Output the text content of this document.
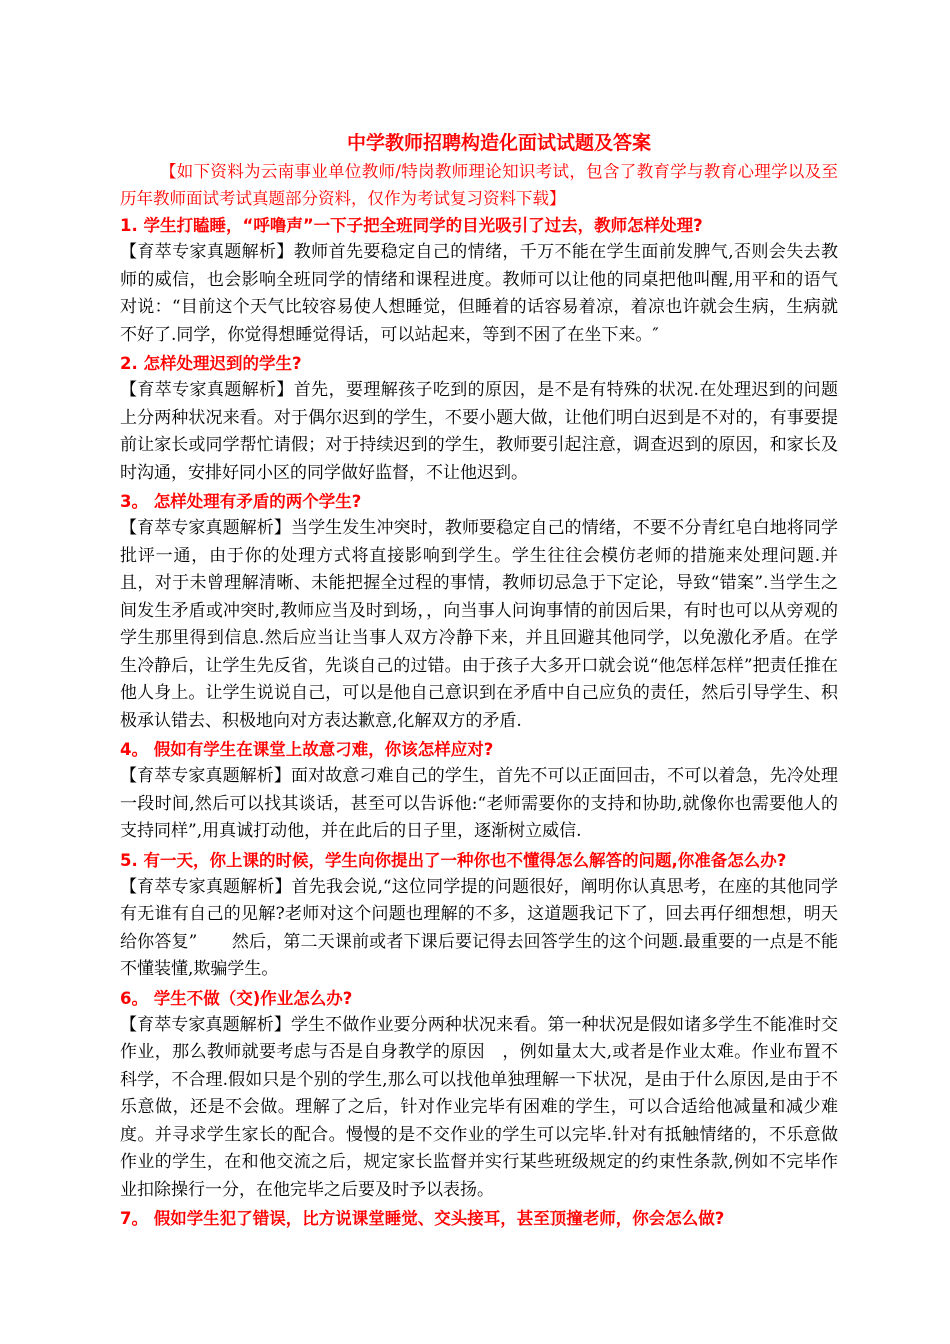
中学教师招聘构造化面试试题及答案

【如下资料为云南事业单位教师/特岗教师理论知识考试，包含了教育学与教育心理学以及至历年教师面试考试真题部分资料，仅作为考试复习资料下载】

1. 学生打瞌睡，“呼噜声”一下子把全班同学的目光吸引了过去，教师怎样处理?

【育萃专家真题解析】教师首先要稳定自己的情绪，千万不能在学生面前发脾气,否则会失去教师的威信，也会影响全班同学的情绪和课程进度。教师可以让他的同桌把他叫醒,用平和的语气对说：“目前这个天气比较容易使人想睡觉，但睡着的话容易着凉，着凉也许就会生病，生病就不好了.同学，你觉得想睡觉得话，可以站起来，等到不困了在坐下来。″

2. 怎样处理迟到的学生?

【育萃专家真题解析】首先，要理解孩子吃到的原因，是不是有特殊的状况.在处理迟到的问题上分两种状况来看。对于偶尔迟到的学生，不要小题大做，让他们明白迟到是不对的，有事要提前让家长或同学帮忙请假；对于持续迟到的学生，教师要引起注意，调查迟到的原因，和家长及时沟通，安排好同小区的同学做好监督，不让他迟到。

3。 怎样处理有矛盾的两个学生?

【育萃专家真题解析】当学生发生冲突时，教师要稳定自己的情绪，不要不分青红皂白地将同学批评一通，由于你的处理方式将直接影响到学生。学生往往会模仿老师的措施来处理问题.并且，对于未曾理解清晰、未能把握全过程的事情，教师切忌急于下定论，导致“错案”.当学生之间发生矛盾或冲突时,教师应当及时到场，，向当事人问询事情的前因后果，有时也可以从旁观的学生那里得到信息.然后应当让当事人双方冷静下来，并且回避其他同学，以免激化矛盾。在学生冷静后，让学生先反省，先谈自己的过错。由于孩子大多开口就会说“他怎样怎样”把责任推在他人身上。让学生说说自己，可以是他自己意识到在矛盾中自己应负的责任，然后引导学生、积极承认错去、积极地向对方表达歉意,化解双方的矛盾.

4。 假如有学生在课堂上故意刁难，你该怎样应对?

【育萃专家真题解析】面对故意刁难自己的学生，首先不可以正面回击，不可以着急，先冷处理一段时间,然后可以找其谈话，甚至可以告诉他:“老师需要你的支持和协助,就像你也需要他人的支持同样”,用真诚打动他，并在此后的日子里，逐渐树立威信.

5. 有一天，你上课的时候，学生向你提出了一种你也不懂得怎么解答的问题,你准备怎么办?

【育萃专家真题解析】首先我会说,“这位同学提的问题很好，阐明你认真思考，在座的其他同学有无谁有自己的见解?老师对这个问题也理解的不多，这道题我记下了，回去再仔细想想，明天给你答复”　　然后，第二天课前或者下课后要记得去回答学生的这个问题.最重要的一点是不能不懂装懂,欺骗学生。

6。 学生不做（交)作业怎么办?

【育萃专家真题解析】学生不做作业要分两种状况来看。第一种状况是假如诸多学生不能准时交作业，那么教师就要考虑与否是自身教学的原因　，例如量太大,或者是作业太难。作业布置不科学，不合理.假如只是个别的学生,那么可以找他单独理解一下状况，是由于什么原因,是由于不乐意做，还是不会做。理解了之后，针对作业完毕有困难的学生，可以合适给他减量和减少难度。并寻求学生家长的配合。慢慢的是不交作业的学生可以完毕.针对有抵触情绪的，不乐意做作业的学生，在和他交流之后，规定家长监督并实行某些班级规定的约束性条款,例如不完毕作业扣除操行一分，在他完毕之后要及时予以表扬。

7。 假如学生犯了错误，比方说课堂睡觉、交头接耳，甚至顶撞老师，你会怎么做?
